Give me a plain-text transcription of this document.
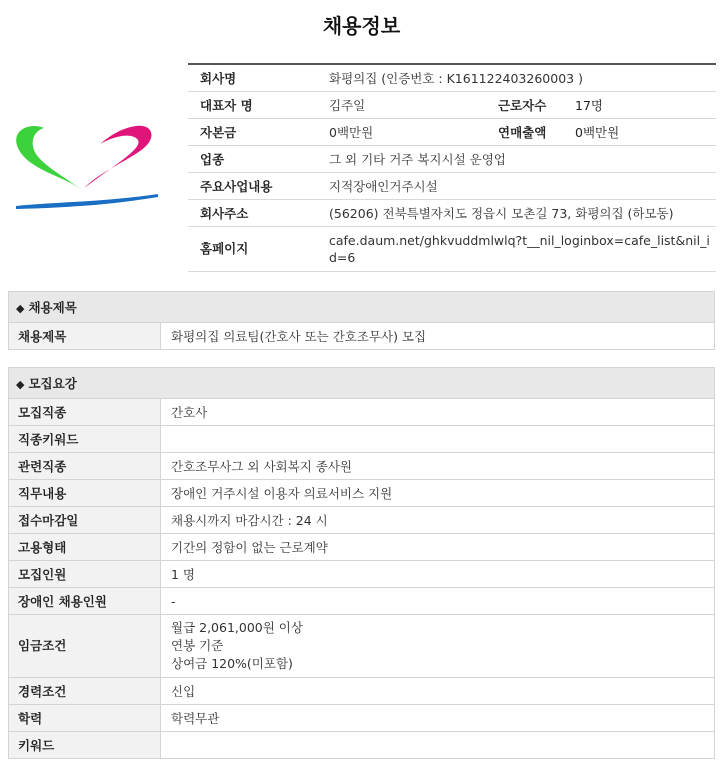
채용정보
회사명	화평의집 (인증번호 : K161122403260003 )		
대표자 명	김주일	근로자수	17명
자본금	0백만원	연매출액	0백만원
업종	그 외 기타 거주 복지시설 운영업		
주요사업내용	지적장애인거주시설		
회사주소	(56206) 전북특별자치도 정읍시 모촌길 73, 화평의집 (하모동)		
홈페이지	cafe.daum.net/ghkvuddmlwlq?t__nil_loginbox=cafe_list&nil_i
d=6		
◆ 채용제목
채용제목	화평의집 의료팀(간호사 또는 간호조무사) 모집
◆ 모집요강	
모집직종	간호사
직종키워드	
관련직종	간호조무사그 외 사회복지 종사원
직무내용	장애인 거주시설 이용자 의료서비스 지원
접수마감일	채용시까지 마감시간 : 24 시
고용형태	기간의 정함이 없는 근로계약
모집인원	1 명
장애인 채용인원	-
임금조건	월급 2,061,000원 이상
연봉 기준
상여금 120%(미포함)

경력조건	신입
학력	학력무관
키워드	
